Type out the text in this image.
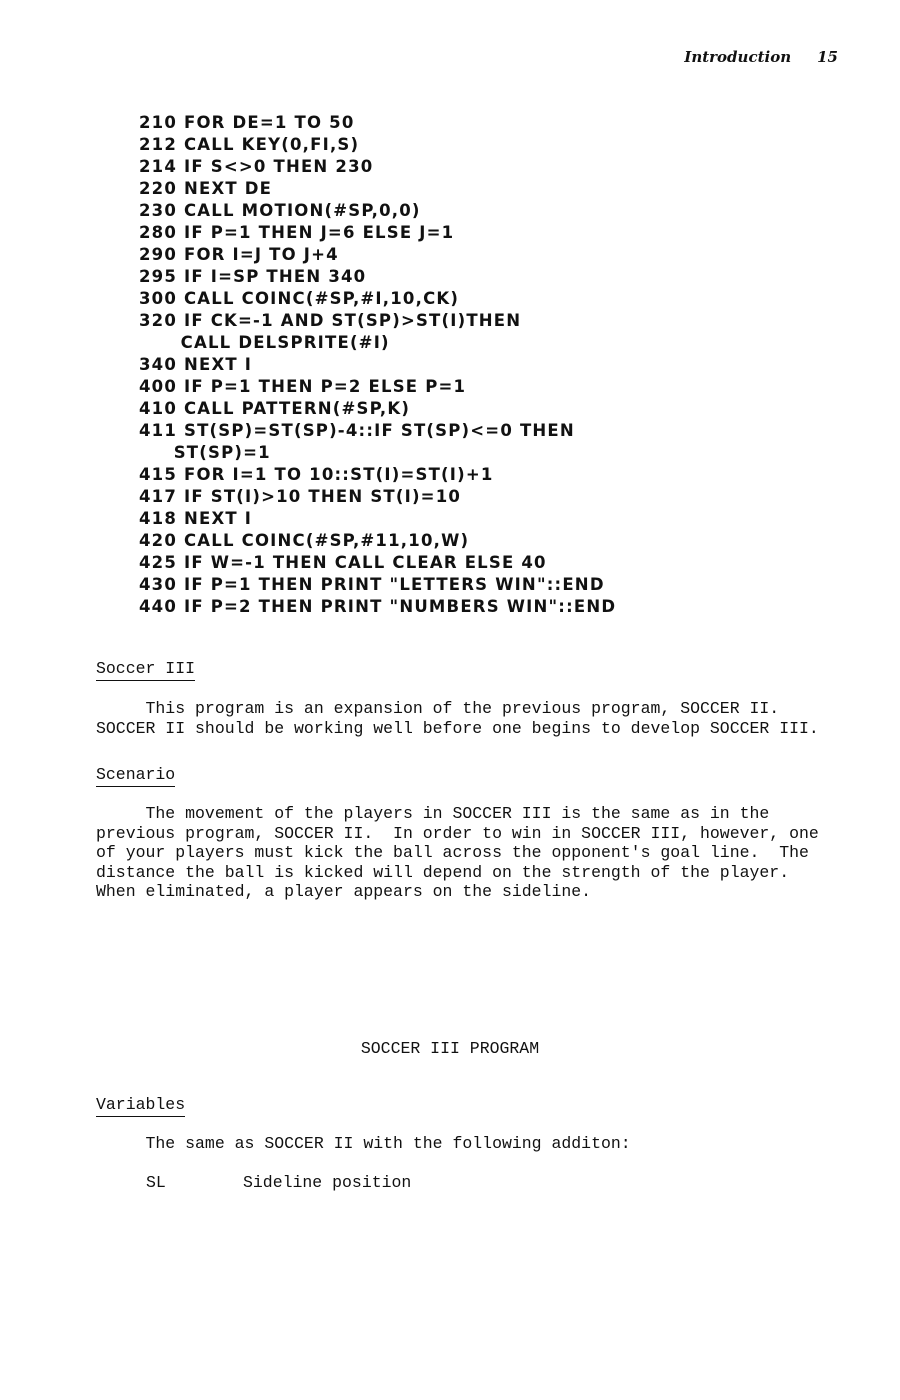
Introduction 15
210 FOR DE=1 TO 50
212 CALL KEY(0,FI,S)
214 IF S<>0 THEN 230
220 NEXT DE
230 CALL MOTION(#SP,0,0)
280 IF P=1 THEN J=6 ELSE J=1
290 FOR I=J TO J+4
295 IF I=SP THEN 340
300 CALL COINC(#SP,#I,10,CK)
320 IF CK=-1 AND ST(SP)>ST(I)THEN
CALL DELSPRITE(#I)
340 NEXT I
400 IF P=1 THEN P=2 ELSE P=1
410 CALL PATTERN(#SP,K)
411 ST(SP)=ST(SP)-4::IF ST(SP)<=0 THEN
ST(SP)=1
415 FOR I=1 TO 10::ST(I)=ST(I)+1
417 IF ST(I)>10 THEN ST(I)=10
418 NEXT I
420 CALL COINC(#SP,#11,10,W)
425 IF W=-1 THEN CALL CLEAR ELSE 40
430 IF P=1 THEN PRINT "LETTERS WIN"::END
440 IF P=2 THEN PRINT "NUMBERS WIN"::END
Soccer III

This program is an expansion of the previous program, SOCCER II.
SOCCER II should be working well before one begins to develop SOCCER III.

Scenario

The movement of the players in SOCCER III is the same as in the
previous program, SOCCER II.  In order to win in SOCCER III, however, one
of your players must kick the ball across the opponent's goal line.  The
distance the ball is kicked will depend on the strength of the player.
When eliminated, a player appears on the sideline.

SOCCER III PROGRAM
Variables

The same as SOCCER II with the following additon:

SL	Sideline position
